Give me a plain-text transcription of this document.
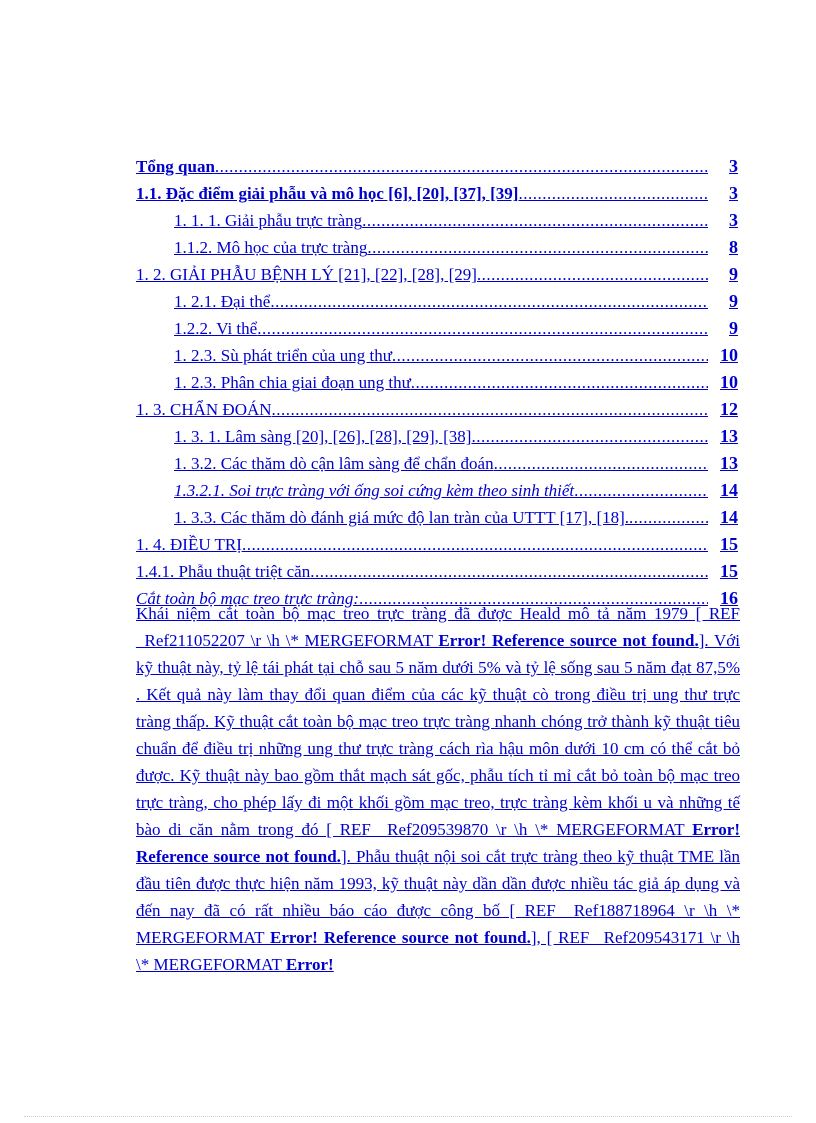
Tổng quan .....	3
1.1. Đặc điểm giải phẫu và mô học [6], [20], [37], [39] .....	3
1. 1. 1. Giải phẫu trực tràng .....	3
1.1.2. Mô học của trực tràng .....	8
1. 2. GIẢI PHẪU BỆNH LÝ [21], [22], [28], [29] .....	9
1. 2.1. Đại thể .....	9
1.2.2. Vi thể .....	9
1. 2.3. Sù phát triển của ung thư .....	10
1. 2.3. Phân chia giai đoạn ung thư .....	10
1. 3. CHẨN ĐOÁN .....	12
1. 3. 1. Lâm sàng [20], [26], [28], [29], [38] .....	13
1. 3.2. Các thăm dò cận lâm sàng để chẩn đoán .....	13
1.3.2.1. Soi trực tràng với ống soi cứng kèm theo sinh thiết .....	14
1. 3.3. Các thăm dò đánh giá mức độ lan tràn của UTTT [17], [18]. .....	14
1. 4. ĐIỀU TRỊ .....	15
1.4.1. Phẫu thuật triệt căn .....	15
Cắt toàn bộ mạc treo trực tràng: .....	16
Khái niệm cắt toàn bộ mạc treo trực tràng đã được Heald mô tả năm 1979 [ REF _Ref211052207 \r \h \* MERGEFORMAT Error! Reference source not found.]. Với kỹ thuật này, tỷ lệ tái phát tại chỗ sau 5 năm dưới 5% và tỷ lệ sống sau 5 năm đạt 87,5% . Kết quả này làm thay đổi quan điểm của các kỹ thuật cò trong điều trị ung thư trực tràng thấp. Kỹ thuật cắt toàn bộ mạc treo trực tràng nhanh chóng trở thành kỹ thuật tiêu chuẩn để điều trị những ung thư trực tràng cách rìa hậu môn dưới 10 cm có thể cắt bỏ được. Kỹ thuật này bao gồm thắt mạch sát gốc, phẫu tích tỉ mỉ cắt bỏ toàn bộ mạc treo trực tràng, cho phép lấy đi một khối gồm mạc treo, trực tràng kèm khối u và những tế bào di căn nằm trong đó [ REF _Ref209539870 \r \h \* MERGEFORMAT Error! Reference source not found.]. Phẫu thuật nội soi cắt trực tràng theo kỹ thuật TME lần đầu tiên được thực hiện năm 1993, kỹ thuật này dần dần được nhiều tác giả áp dụng và đến nay đã có rất nhiều báo cáo được công bố [ REF _Ref188718964 \r \h \* MERGEFORMAT Error! Reference source not found.], [ REF _Ref209543171 \r \h \* MERGEFORMAT Error!
